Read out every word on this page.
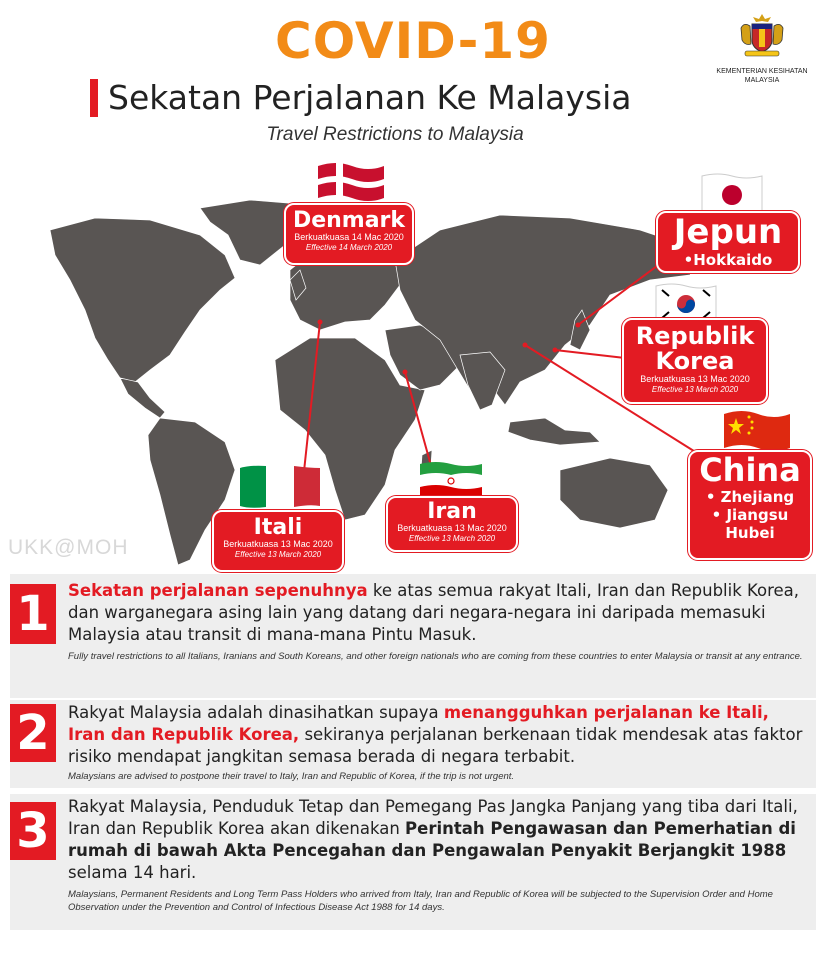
COVID-19
Sekatan Perjalanan Ke Malaysia
Travel Restrictions to Malaysia
KEMENTERIAN KESIHATAN
MALAYSIA
Denmark
Berkuatkuasa 14 Mac 2020
Effective 14 March 2020	Jepun
•Hokkaido
Republik
Korea
Berkuatkuasa 13 Mac 2020
Effective 13 March 2020
China
• Zhejiang
• Jiangsu
Hubei
Itali
Berkuatkuasa 13 Mac 2020
Effective 13 March 2020
Iran
Berkuatkuasa 13 Mac 2020
Effective 13 March 2020
UKK@MOH
1	Sekatan perjalanan sepenuhnya ke atas semua rakyat Itali, Iran dan Republik Korea, dan warganegara asing lain yang datang dari negara-negara ini daripada memasuki Malaysia atau transit di mana-mana Pintu Masuk.
Fully travel restrictions to all Italians, Iranians and South Koreans, and other foreign nationals who are coming from these countries to enter Malaysia or transit at any entrance.
2	Rakyat Malaysia adalah dinasihatkan supaya menangguhkan perjalanan ke Itali, Iran dan Republik Korea, sekiranya perjalanan berkenaan tidak mendesak atas faktor risiko mendapat jangkitan semasa berada di negara terbabit.
Malaysians are advised to postpone their travel to Italy, Iran and Republic of Korea, if the trip is not urgent.
3	Rakyat Malaysia, Penduduk Tetap dan Pemegang Pas Jangka Panjang yang tiba dari Itali, Iran dan Republik Korea akan dikenakan Perintah Pengawasan dan Pemerhatian di rumah di bawah Akta Pencegahan dan Pengawalan Penyakit Berjangkit 1988 selama 14 hari.
Malaysians, Permanent Residents and Long Term Pass Holders who arrived from Italy, Iran and Republic of Korea will be subjected to the Supervision Order and Home Observation under the Prevention and Control of Infectious Disease Act 1988 for 14 days.
